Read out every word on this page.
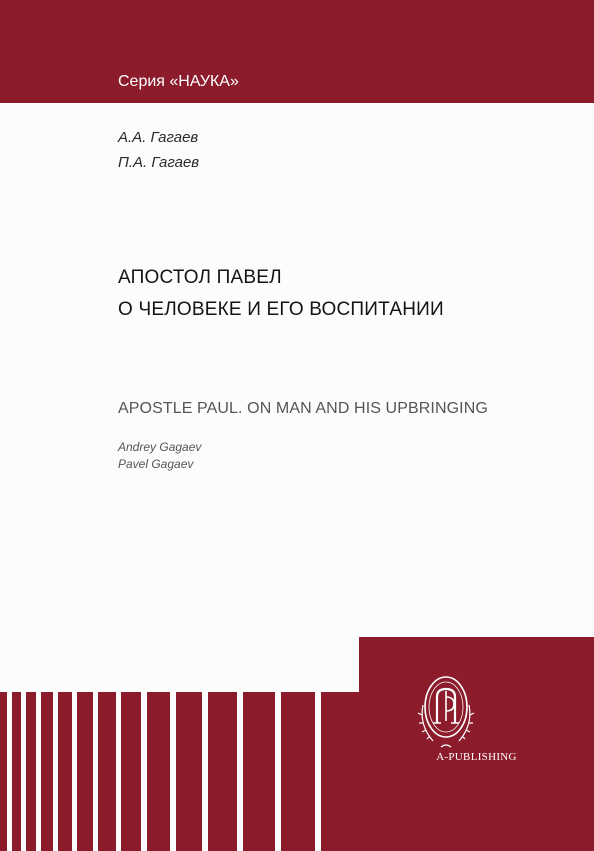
Серия «НАУКА»
А.А. Гагаев
П.А. Гагаев
АПОСТОЛ ПАВЕЛ
О ЧЕЛОВЕКЕ И ЕГО ВОСПИТАНИИ
APOSTLE PAUL. ON MAN AND HIS UPBRINGING
Andrey Gagaev
Pavel Gagaev
A-PUBLISHING
